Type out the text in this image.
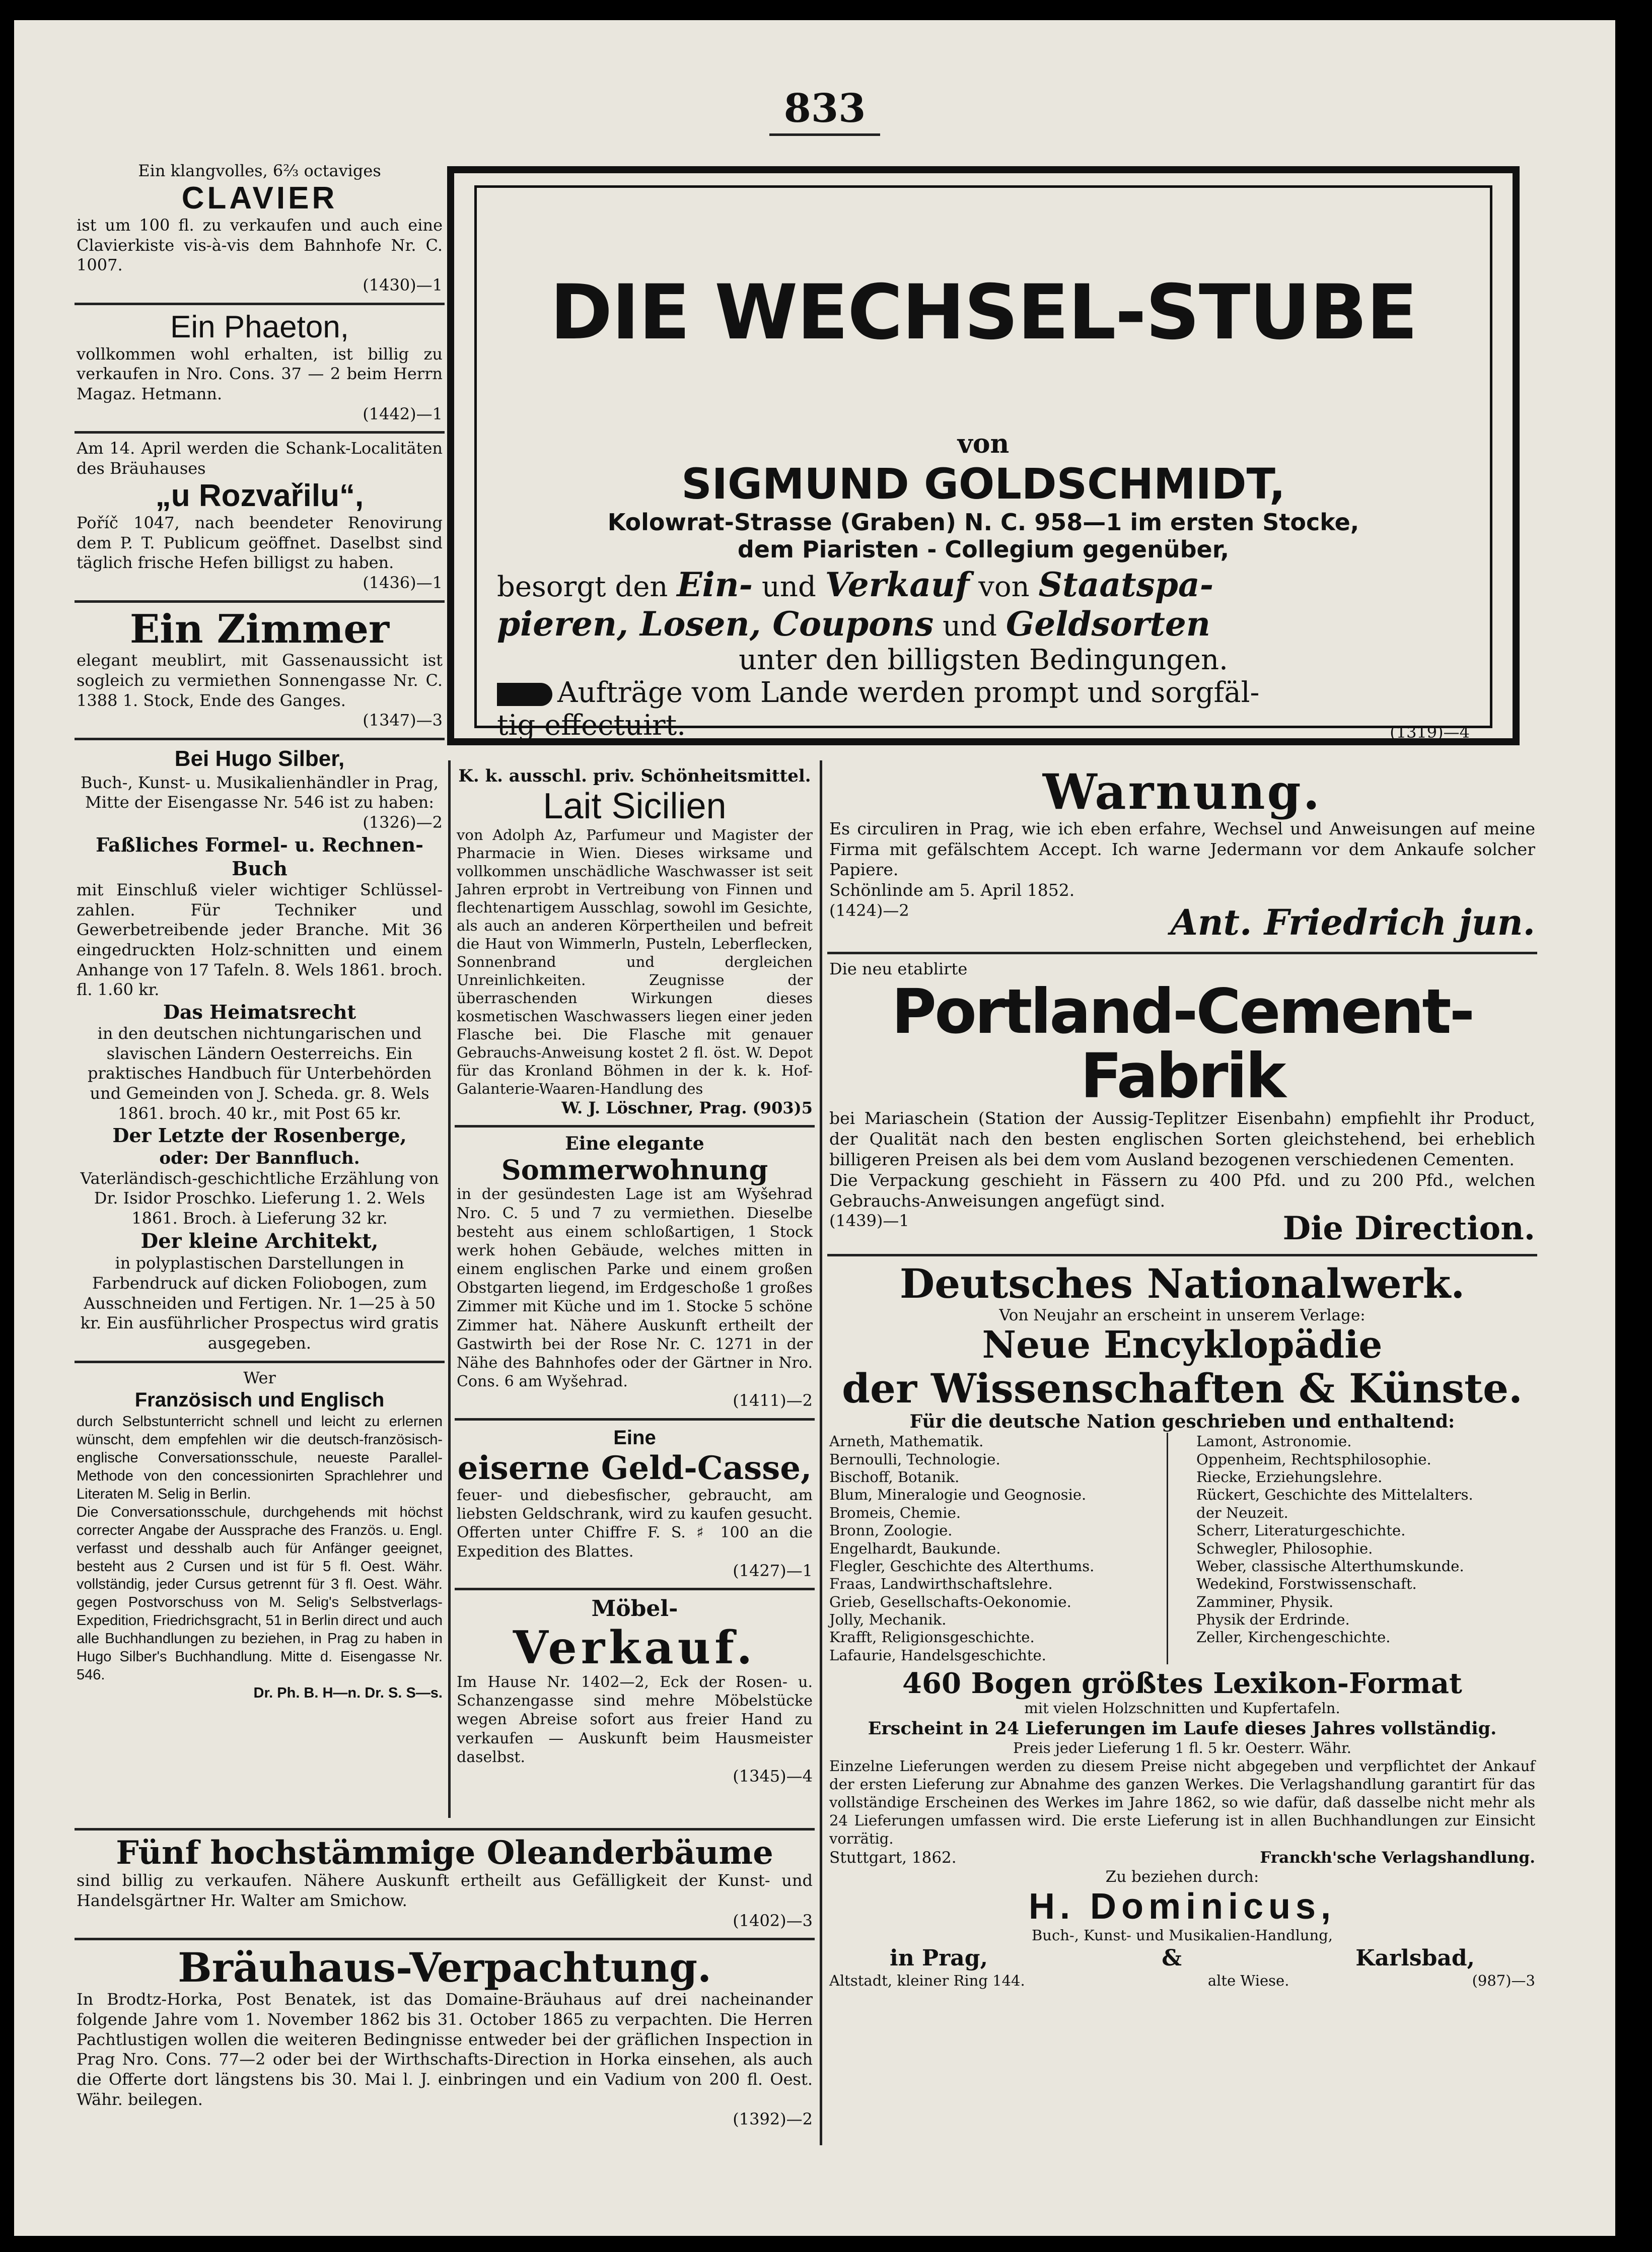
833

Ein klangvolles, 6⅔ octaviges

CLAVIER

ist um 100 fl. zu verkaufen und auch eine Clavierkiste vis-à-vis dem Bahnhofe Nr. C. 1007.

(1430)—1

Ein Phaeton,

vollkommen wohl erhalten, ist billig zu verkaufen in Nro. Cons. 37 — 2 beim Herrn Magaz. Hetmann.

(1442)—1

Am 14. April werden die Schank-Localitäten des Bräuhauses

„u Rozvařilu“,

Poříč 1047, nach beendeter Renovirung dem P. T. Publicum geöffnet. Daselbst sind täglich frische Hefen billigst zu haben.

(1436)—1

Ein Zimmer

elegant meublirt, mit Gassenaussicht ist sogleich zu vermiethen Sonnengasse Nr. C. 1388 1. Stock, Ende des Ganges.

(1347)—3

Bei Hugo Silber,

Buch-, Kunst- u. Musikalienhändler in Prag, Mitte der Eisengasse Nr. 546 ist zu haben:

(1326)—2

Faßliches Formel- u. Rechnen-Buch

mit Einschluß vieler wichtiger Schlüssel-zahlen. Für Techniker und Gewerbetreibende jeder Branche. Mit 36 eingedruckten Holz-schnitten und einem Anhange von 17 Tafeln. 8. Wels 1861. broch. fl. 1.60 kr.

Das Heimatsrecht

in den deutschen nichtungarischen und slavischen Ländern Oesterreichs. Ein praktisches Handbuch für Unterbehörden und Gemeinden von J. Scheda. gr. 8. Wels 1861. broch. 40 kr., mit Post 65 kr.

Der Letzte der Rosenberge,

oder: Der Bannfluch.

Vaterländisch-geschichtliche Erzählung von Dr. Isidor Proschko. Lieferung 1. 2. Wels 1861. Broch. à Lieferung 32 kr.

Der kleine Architekt,

in polyplastischen Darstellungen in Farbendruck auf dicken Foliobogen, zum Ausschneiden und Fertigen. Nr. 1—25 à 50 kr. Ein ausführlicher Prospectus wird gratis ausgegeben.

Wer

Französisch und Englisch

durch Selbstunterricht schnell und leicht zu erlernen wünscht, dem empfehlen wir die deutsch-französisch-englische Conversationsschule, neueste Parallel-Methode von den concessionirten Sprachlehrer und Literaten M. Selig in Berlin.

Die Conversationsschule, durchgehends mit höchst correcter Angabe der Aussprache des Französ. u. Engl. verfasst und desshalb auch für Anfänger geeignet, besteht aus 2 Cursen und ist für 5 fl. Oest. Währ. vollständig, jeder Cursus getrennt für 3 fl. Oest. Währ. gegen Postvorschuss von M. Selig's Selbstverlags-Expedition, Friedrichsgracht, 51 in Berlin direct und auch alle Buchhandlungen zu beziehen, in Prag zu haben in Hugo Silber's Buchhandlung. Mitte d. Eisengasse Nr. 546.

Dr. Ph. B. H—n. Dr. S. S—s.

DIE WECHSEL-STUBE

von

SIGMUND GOLDSCHMIDT,

Kolowrat-Strasse (Graben) N. C. 958—1 im ersten Stocke,

dem Piaristen - Collegium gegenüber,

besorgt den Ein- und Verkauf von Staatspa-

pieren, Losen, Coupons und Geldsorten

unter den billigsten Bedingungen.

Aufträge vom Lande werden prompt und sorgfäl-

tig effectuirt.	(1319)—4

K. k. ausschl. priv. Schönheitsmittel.

Lait Sicilien

von Adolph Az, Parfumeur und Magister der Pharmacie in Wien. Dieses wirksame und vollkommen unschädliche Waschwasser ist seit Jahren erprobt in Vertreibung von Finnen und flechtenartigem Ausschlag, sowohl im Gesichte, als auch an anderen Körpertheilen und befreit die Haut von Wimmerln, Pusteln, Leberflecken, Sonnenbrand und dergleichen Unreinlichkeiten. Zeugnisse der überraschenden Wirkungen dieses kosmetischen Waschwassers liegen einer jeden Flasche bei. Die Flasche mit genauer Gebrauchs-Anweisung kostet 2 fl. öst. W. Depot für das Kronland Böhmen in der k. k. Hof-Galanterie-Waaren-Handlung des

W. J. Löschner, Prag. (903)5

Eine elegante

Sommerwohnung

in der gesündesten Lage ist am Wyšehrad Nro. C. 5 und 7 zu vermiethen. Dieselbe besteht aus einem schloßartigen, 1 Stock werk hohen Gebäude, welches mitten in einem englischen Parke und einem großen Obstgarten liegend, im Erdgeschoße 1 großes Zimmer mit Küche und im 1. Stocke 5 schöne Zimmer hat. Nähere Auskunft ertheilt der Gastwirth bei der Rose Nr. C. 1271 in der Nähe des Bahnhofes oder der Gärtner in Nro. Cons. 6 am Wyšehrad.

(1411)—2

Eine

eiserne Geld-Casse,

feuer- und diebesfischer, gebraucht, am liebsten Geldschrank, wird zu kaufen gesucht. Offerten unter Chiffre F. S. ♯ 100 an die Expedition des Blattes.

(1427)—1

Möbel-

Verkauf.

Im Hause Nr. 1402—2, Eck der Rosen- u. Schanzengasse sind mehre Möbelstücke wegen Abreise sofort aus freier Hand zu verkaufen — Auskunft beim Hausmeister daselbst.

(1345)—4

Fünf hochstämmige Oleanderbäume

sind billig zu verkaufen. Nähere Auskunft ertheilt aus Gefälligkeit der Kunst- und Handelsgärtner Hr. Walter am Smichow.

(1402)—3

Bräuhaus-Verpachtung.

In Brodtz-Horka, Post Benatek, ist das Domaine-Bräuhaus auf drei nacheinander folgende Jahre vom 1. November 1862 bis 31. October 1865 zu verpachten. Die Herren Pachtlustigen wollen die weiteren Bedingnisse entweder bei der gräflichen Inspection in Prag Nro. Cons. 77—2 oder bei der Wirthschafts-Direction in Horka einsehen, als auch die Offerte dort längstens bis 30. Mai l. J. einbringen und ein Vadium von 200 fl. Oest. Währ. beilegen.

(1392)—2

Warnung.

Es circuliren in Prag, wie ich eben erfahre, Wechsel und Anweisungen auf meine Firma mit gefälschtem Accept. Ich warne Jedermann vor dem Ankaufe solcher Papiere.

Schönlinde am 5. April 1852.

(1424)—2	Ant. Friedrich jun.

Die neu etablirte

Portland-Cement-Fabrik

bei Mariaschein (Station der Aussig-Teplitzer Eisenbahn) empfiehlt ihr Product, der Qualität nach den besten englischen Sorten gleichstehend, bei erheblich billigeren Preisen als bei dem vom Ausland bezogenen verschiedenen Cementen.

Die Verpackung geschieht in Fässern zu 400 Pfd. und zu 200 Pfd., welchen Gebrauchs-Anweisungen angefügt sind.

(1439)—1	Die Direction.

Deutsches Nationalwerk.

Von Neujahr an erscheint in unserem Verlage:

Neue Encyklopädie

der Wissenschaften & Künste.

Für die deutsche Nation geschrieben und enthaltend:

Arneth, Mathematik.

Bernoulli, Technologie.

Bischoff, Botanik.

Blum, Mineralogie und Geognosie.

Bromeis, Chemie.

Bronn, Zoologie.

Engelhardt, Baukunde.

Flegler, Geschichte des Alterthums.

Fraas, Landwirthschaftslehre.

Grieb, Gesellschafts-Oekonomie.

Jolly, Mechanik.

Krafft, Religionsgeschichte.

Lafaurie, Handelsgeschichte.

Lamont, Astronomie.

Oppenheim, Rechtsphilosophie.

Riecke, Erziehungslehre.

Rückert, Geschichte des Mittelalters.

der Neuzeit.

Scherr, Literaturgeschichte.

Schwegler, Philosophie.

Weber, classische Alterthumskunde.

Wedekind, Forstwissenschaft.

Zamminer, Physik.

Physik der Erdrinde.

Zeller, Kirchengeschichte.

460 Bogen größtes Lexikon-Format

mit vielen Holzschnitten und Kupfertafeln.

Erscheint in 24 Lieferungen im Laufe dieses Jahres vollständig.

Preis jeder Lieferung 1 fl. 5 kr. Oesterr. Währ.

Einzelne Lieferungen werden zu diesem Preise nicht abgegeben und verpflichtet der Ankauf der ersten Lieferung zur Abnahme des ganzen Werkes. Die Verlagshandlung garantirt für das vollständige Erscheinen des Werkes im Jahre 1862, so wie dafür, daß dasselbe nicht mehr als 24 Lieferungen umfassen wird. Die erste Lieferung ist in allen Buchhandlungen zur Einsicht vorrätig.

Stuttgart, 1862.	Franckh'sche Verlagshandlung.

Zu beziehen durch:

H. Dominicus,

Buch-, Kunst- und Musikalien-Handlung,

in Prag,	&	Karlsbad,

Altstadt, kleiner Ring 144.	alte Wiese.	(987)—3
